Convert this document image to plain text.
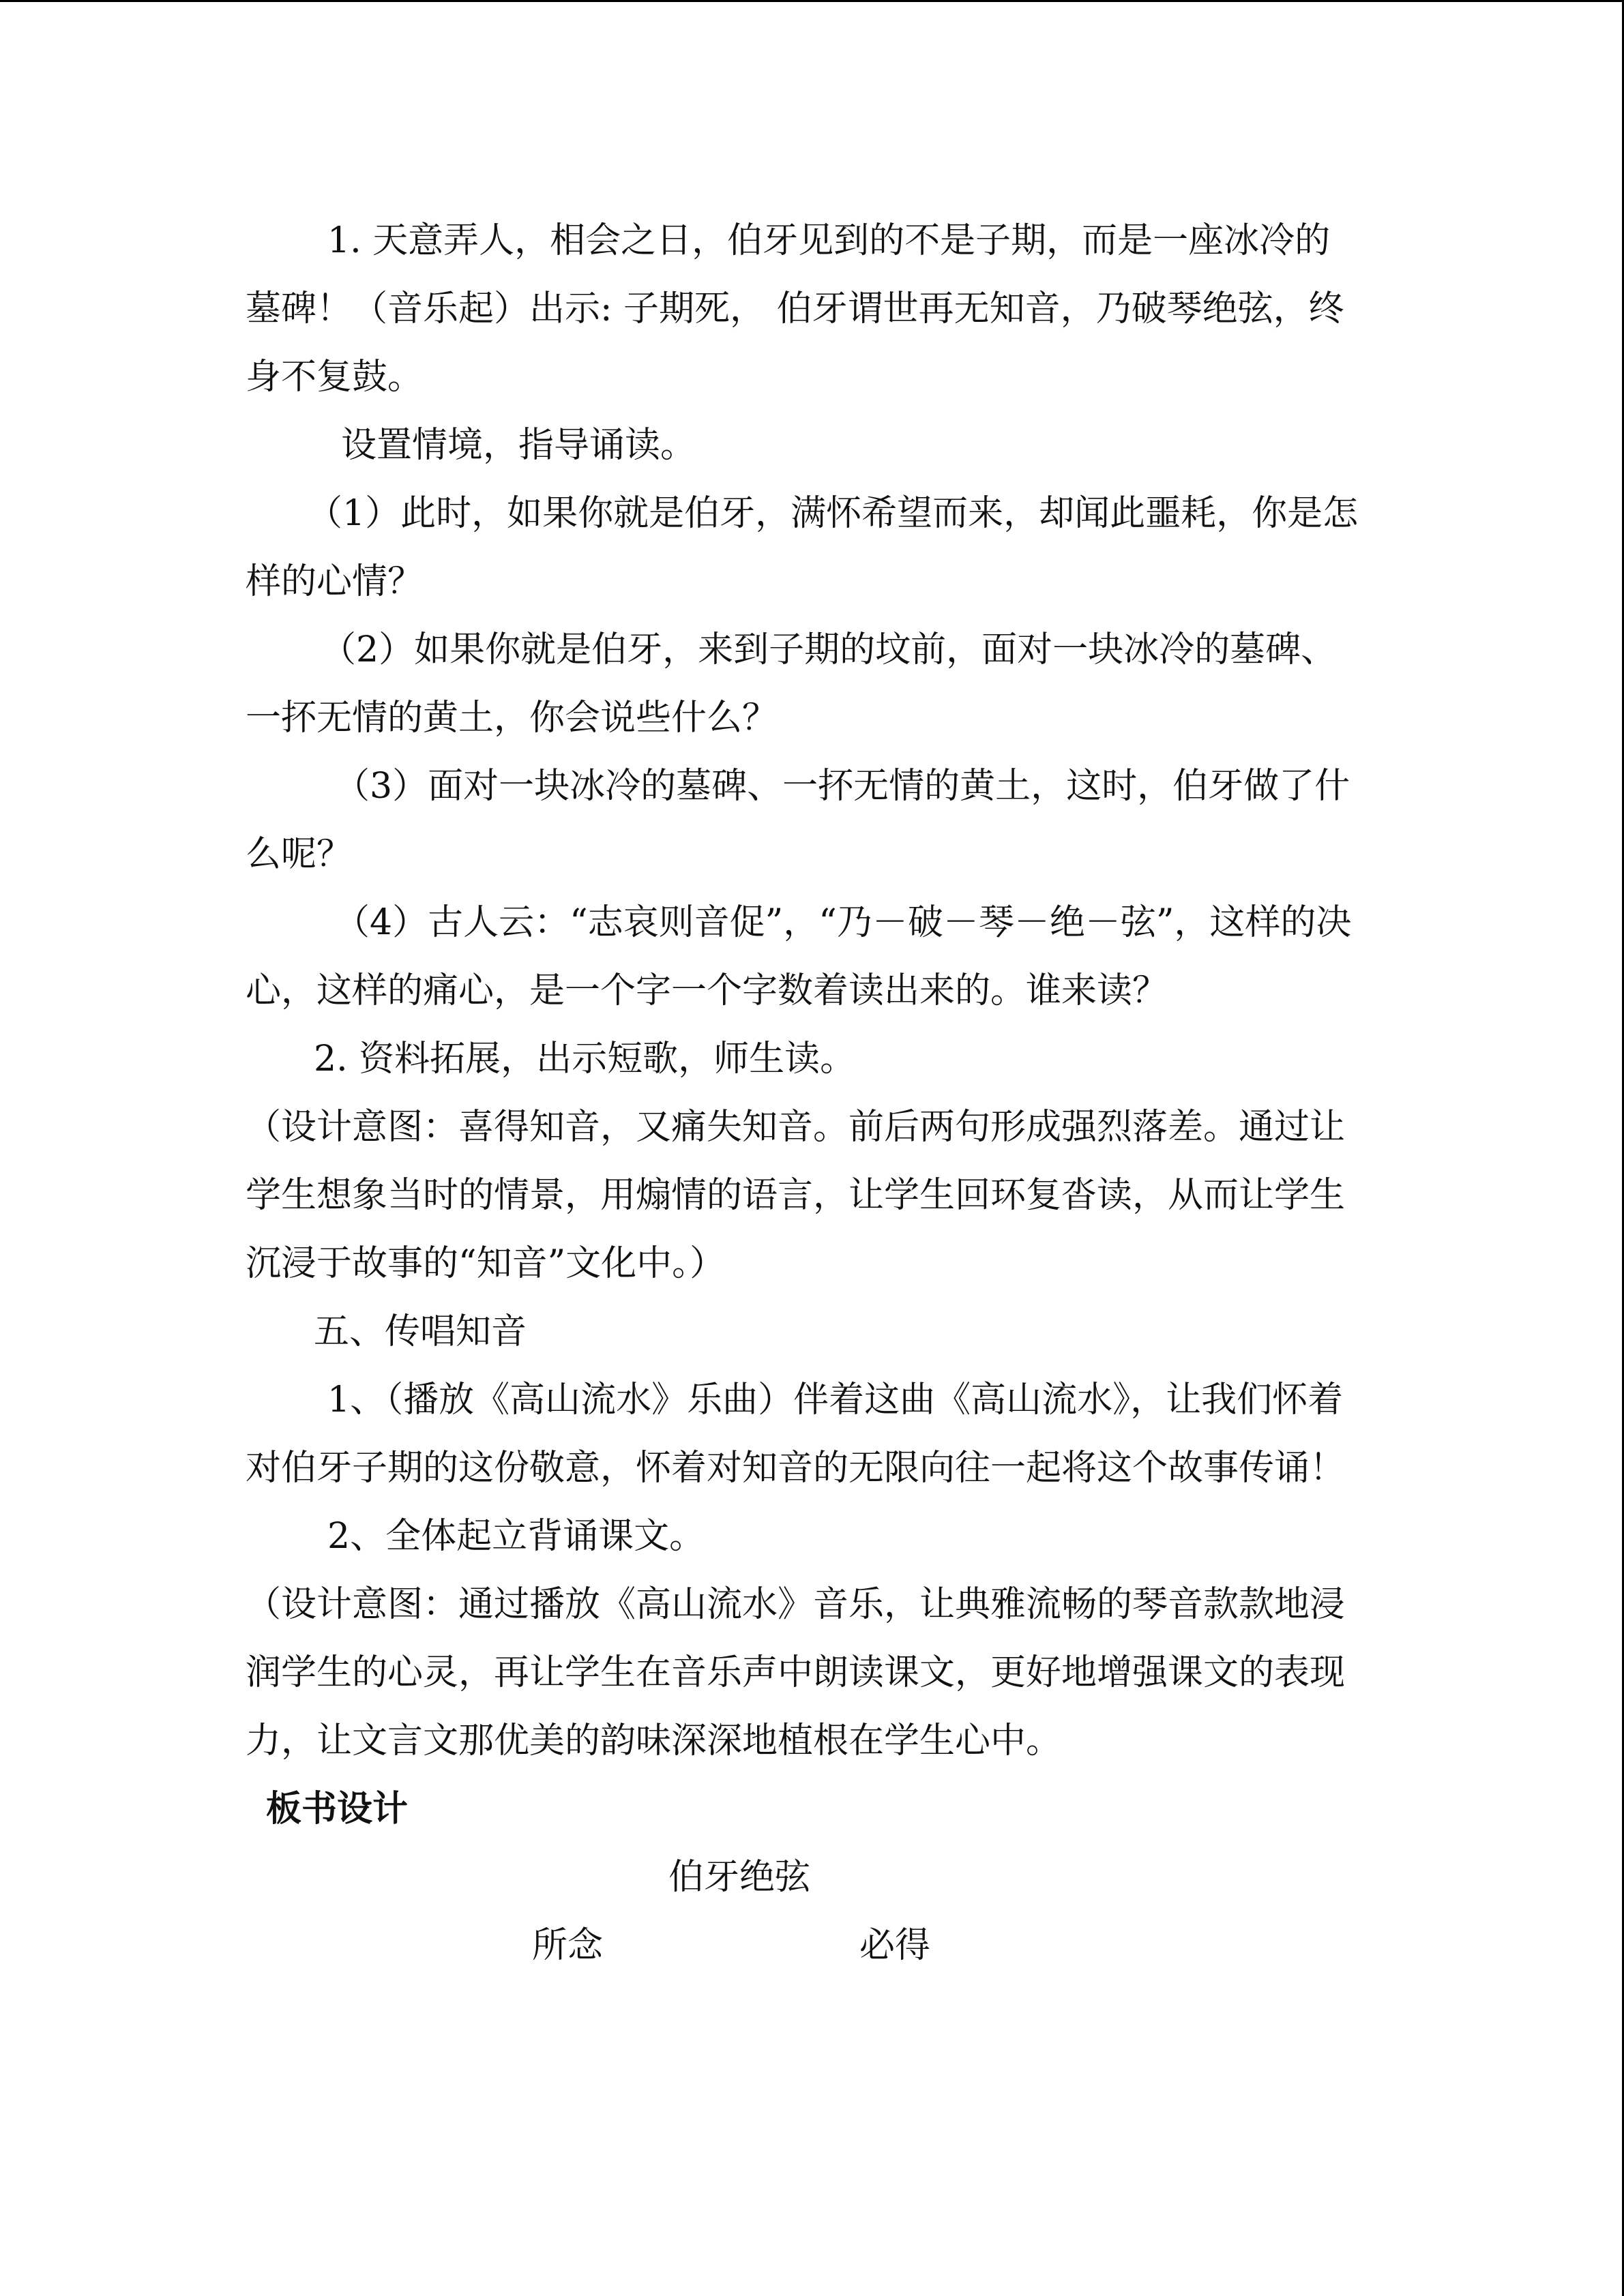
1. 天意弄人，相会之日，伯牙见到的不是子期，而是一座冰冷的墓碑！（音乐起）出示: 子期死， 伯牙谓世再无知音，乃破琴绝弦，终身不复鼓。

设置情境，指导诵读。

（1）此时，如果你就是伯牙，满怀希望而来，却闻此噩耗，你是怎样的心情？

（2）如果你就是伯牙，来到子期的坟前，面对一块冰冷的墓碑、一抔无情的黄土，你会说些什么？

（3）面对一块冰冷的墓碑、一抔无情的黄土，这时，伯牙做了什么呢？

（4）古人云：“志哀则音促”，“乃－破－琴－绝－弦”，这样的决心，这样的痛心，是一个字一个字数着读出来的。谁来读？

2. 资料拓展，出示短歌，师生读。

（设计意图：喜得知音，又痛失知音。前后两句形成强烈落差。通过让学生想象当时的情景，用煽情的语言，让学生回环复沓读，从而让学生沉浸于故事的“知音”文化中。）

五、传唱知音

1、（播放《高山流水》乐曲）伴着这曲《高山流水》，让我们怀着对伯牙子期的这份敬意，怀着对知音的无限向往一起将这个故事传诵！

2、全体起立背诵课文。

（设计意图：通过播放《高山流水》音乐，让典雅流畅的琴音款款地浸润学生的心灵，再让学生在音乐声中朗读课文，更好地增强课文的表现力，让文言文那优美的韵味深深地植根在学生心中。

板书设计
伯牙绝弦
所念	必得
